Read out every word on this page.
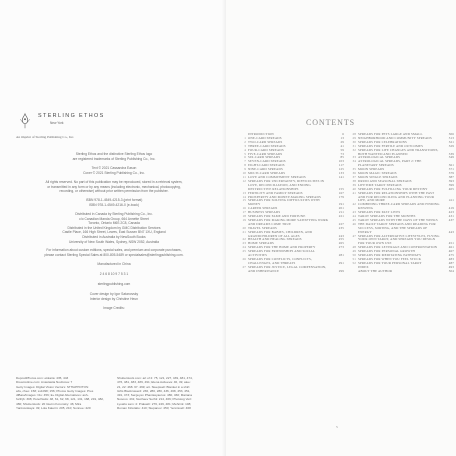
STERLING ETHOS
New York
An imprint of Sterling Publishing Co., Inc.
Sterling Ethos and the distinctive Sterling Ethos logo
are registered trademarks of Sterling Publishing Co., Inc.
Text © 2021 Cassandra Eason
Cover © 2021 Sterling Publishing Co., Inc.
All rights reserved. No part of this publication may be reproduced, stored in a retrieval system,
or transmitted in any form or by any means (including electronic, mechanical, photocopying,
recording, or otherwise) without prior written permission from the publisher.
ISBN 978-1-4549-4215-3 (print format)
ISBN 978-1-4549-4216-0 (e-book)
Distributed in Canada by Sterling Publishing Co., Inc.
c/o Canadian Manda Group, 664 Annette Street
Toronto, Ontario M6S 2C8, Canada
Distributed in the United Kingdom by GMC Distribution Services
Castle Place, 166 High Street, Lewes, East Sussex BN7 1XU, England
Distributed in Australia by NewSouth Books
University of New South Wales, Sydney, NSW 2052, Australia
For information about custom editions, special sales, and premium and corporate purchases,
please contact Sterling Special Sales at 800-805-5489 or specialsales@sterlingpublishing.com.
Manufactured in China
2 4 6 8 10 9 7 5 3 1
sterlingpublishing.com
Cover design by Igor Satanovsky
Interior design by Christine Heun
Image Credits:
DepositPhotos.com: ekkaria: 435, 443
Dreamstime.com: Anastasiia Novikova: 7
Getty Images: Digital Vision Vectors: STHAPHOTOS:
abv, cheo: 158; ss1098; 156; Photos Getty Images: Pres
diBaiu/Images: Clu: 456; E+ Digital Alternatives: ash-
forthjb: 308; Peterhiatts: 48, 61, 62, 68, 121, 131, 168, 219, 482,
480; Shutterstock: 20 Gtetm Koronsky: 46; Mira
Yankovskaya: 49; Lola Katerin: 205, 210; Sonnee: 420
Shutterstock.com: art of 2: 75, 121, 227, 439, 481, 474,
476, 481, 483, 489, 491; Elena Avdeeva: 46, 49; alee:
21, 22: 468. 67. 469; art. Sleepwell: Blanket in a shirt:
Gifts Blackrowerd: 236, 280, 280, 436, 468, 453, 451,
491, 473; Sergeyev Phantasyaurus: 480, 460; Mariana
Nosovo: 431; Nechaev Serhii: 214, 466; Photolog Vert:
Lyoabs sam: 4: Prakash: 276, 249, 481; Mehrnik: 108;
Roman Kiriolatto: 410; Stepanov: 450; Yennisvell: 468
CONTENTS
INTRODUCTION	6
1 ONE-CARD SPREADS	13
2 TWO-CARD SPREADS	29
3 THREE-CARD SPREADS	41
4 FOUR-CARD SPREADS	59
5 FIVE-CARD SPREADS	73
6 SIX-CARD SPREADS	85
7 SEVEN-CARD SPREADS	103
8 EIGHT-CARD SPREADS	117
9 NINE-CARD SPREADS	125
10 MULTI-CARD SPREADS	133
11 LOVE AND COMMITMENT SPREADS	141
12 SPREADS FOR UNCERTAINTY, DIFFICULTIES IN LOVE, RECONCILIATION, AND ENDING DESTRUCTIVE RELATIONSHIPS	155
13 FERTILITY AND FAMILY SPREADS	167
14 PROSPERITY AND MONEY-MAKING SPREADS	179
15 SPREADS FOR SOLVING DIFFICULTIES WITH MONEY	191
16 CAREER SPREADS	201
17 BUSINESS SPREADS	211
18 SPREADS FOR FAME AND FORTUNE	221
19 SPREADS FOR MAKING MORE SATISFYING WORK AND DREAMS COME TRUE	227
20 TRAVEL SPREADS	235
21 SPREADS FOR BABIES, CHILDREN, AND GRANDCHILDREN OF ALL AGES	243
22 HEALTH AND HEALING SPREADS	255
23 HOME SPREADS	265
24 SPREADS FOR THE HOME AND PROPERTY	273
25 SPREADS FOR FRIENDSHIPS AND SOCIAL ACTIVITIES	281
26 SPREADS FOR CONFLICTS, CONFLICTS, CHALLENGES, AND THREATS	291
27 SPREADS FOR JUSTICE, LEGAL COMPENSATION, AND INHERITANCE	299
28 SPREADS FOR PETS LARGE AND SMALL	306
29 NEIGHBORHOOD AND COMMUNITY SPREADS	313
30 SPREADS FOR CELEBRATIONS	321
31 SPREADS FOR FERTILE AND OUTCOMES	329
32 SPREADS FOR LIFE CHANGES AND TRANSITIONS, BOTH WANTED AND PLANNED	339
33 ASTROLOGICAL SPREADS	349
34 ASTROLOGICAL SPREADS, PART 2: THE PLANETARY SPREADS	361
35 MOON SPREADS	371
36 MOON MAGIC SPREADS	379
37 MOON SINGLE SPREADS	387
38 DRUID AND SEASONAL SPREADS	393
39 LIFETIME TAROT SPREADS	399
40 SPREADS FOR FULFILLING YOUR DESTINY	405
41 SPREADS FOR RELATIONSHIPS WITH THE PAST AND FOR RECONCILING AND PLANNING YOUR LIFE, AND MORE	411
42 COMBINING THREE-CARD SPREADS AND FINDING KENZING	419
43 SPREADS FOR PAST LIVES	423
44 TAROT SPREADS FOR THE MONTHS	431
45 TAROT SPREADS WITH THE DAYS OF THE WEEKS	437
46 THE DAILY TAROT SPREADS AND READING FOR SUCCESS, SORTING, AND THE SPREADS OF ENERGY	443
47 SPREADS FOR ALTERNATIVE LIFESTYLES, FLYING YOUR OWN TAROT, AND SPREADS YOU DESIGN FOR YOUR OWN USE	451
48 SPREADS FOR LEVERAGE AND CONFRONTATION	461
49 SPREADS FOR PERSONAL GROWTH	467
50 SPREADS FOR MEDITATING PATHWAYS	475
51 SPREADS FOR WHEN YOU FEEL STUCK	483
52 SPREADS FOR YOUR PERSONAL TAROT	487
INDEX	493
ABOUT THE AUTHOR	504
5
